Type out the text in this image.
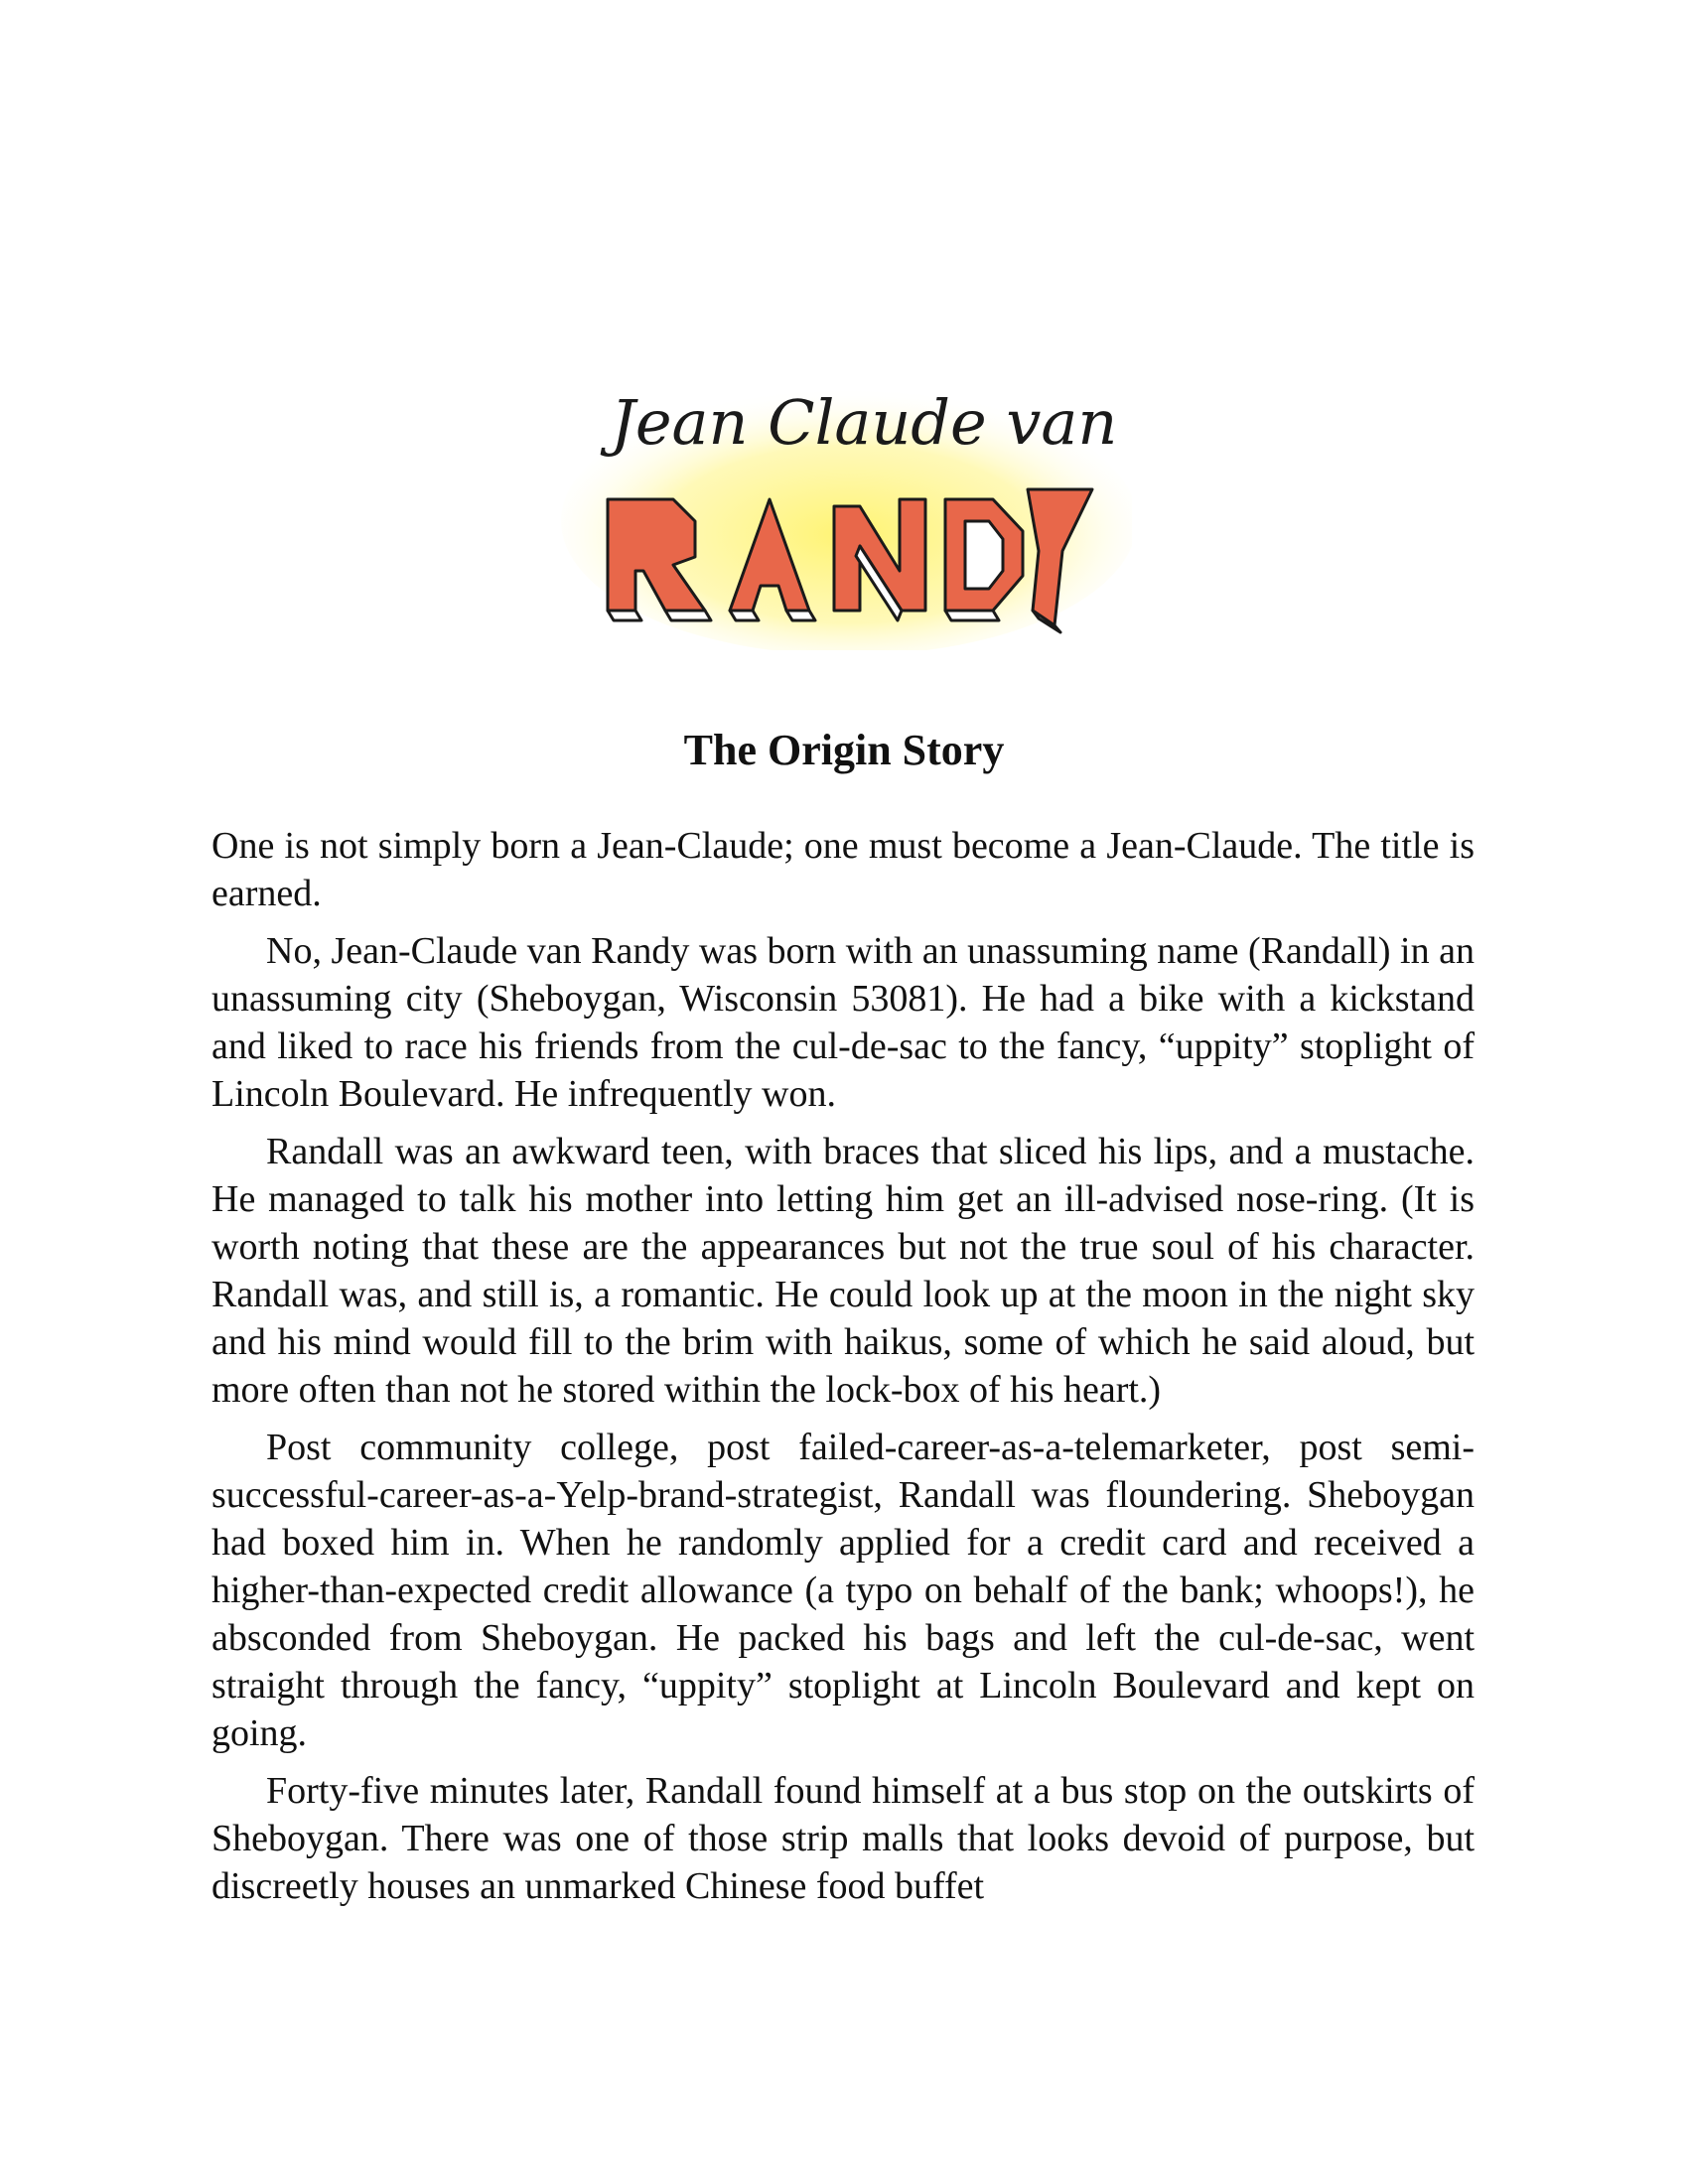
Jean Claude van
The Origin Story

One is not simply born a Jean-Claude; one must become a Jean-Claude. The title is earned.

No, Jean-Claude van Randy was born with an unassuming name (Randall) in an unassuming city (Sheboygan, Wisconsin 53081). He had a bike with a kickstand and liked to race his friends from the cul-de-sac to the fancy, “uppity” stoplight of Lincoln Boulevard. He infrequently won.

Randall was an awkward teen, with braces that sliced his lips, and a mustache. He managed to talk his mother into letting him get an ill-advised nose-ring. (It is worth noting that these are the appearances but not the true soul of his character. Randall was, and still is, a romantic. He could look up at the moon in the night sky and his mind would fill to the brim with haikus, some of which he said aloud, but more often than not he stored within the lock-box of his heart.)

Post community college, post failed-career-as-a-telemarketer, post semi-successful-career-as-a-Yelp-brand-strategist, Randall was floundering. Sheboygan had boxed him in. When he randomly applied for a credit card and received a higher-than-expected credit allowance (a typo on behalf of the bank; whoops!), he absconded from Sheboygan. He packed his bags and left the cul-de-sac, went straight through the fancy, “uppity” stoplight at Lincoln Boulevard and kept on going.

Forty-five minutes later, Randall found himself at a bus stop on the outskirts of Sheboygan. There was one of those strip malls that looks devoid of purpose, but discreetly houses an unmarked Chinese food buffet
